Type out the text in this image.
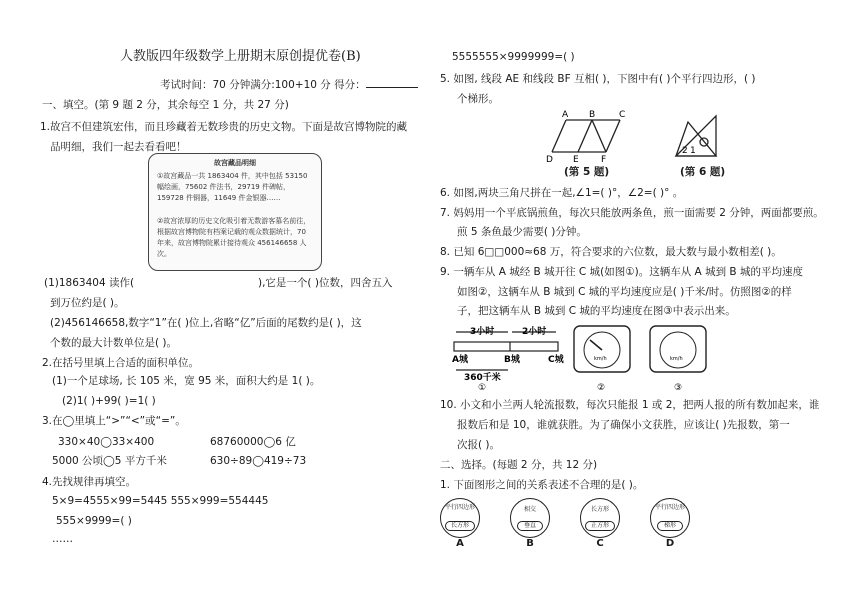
人教版四年级数学上册期末原创提优卷(B)
考试时间：70 分钟满分:100+10 分 得分：
一、填空。(第 9 题 2 分，其余每空 1 分，共 27 分)
1.故宫不但建筑宏伟，而且珍藏着无数珍贵的历史文物。下面是故宫博物院的藏
品明细，我们一起去看看吧！
故宫藏品明细
①故宫藏品一共 1863404 件，其中包括 53150 幅绘画，75602 件法书，29719 件碑帖，159728 件铜器，11649 件金银器……
②故宫浓厚的历史文化吸引着无数游客慕名前往，根据故宫博物院有档案记载的观众数据统计，70 年来，故宫博物院累计接待观众 456146658 人次。
(1)1863404 读作(	),它是一个( )位数，四舍五入
到万位约是( )。
(2)456146658,数字“1”在( )位上,省略“亿”后面的尾数约是( )，这
个数的最大计数单位是( )。
2.在括号里填上合适的面积单位。
(1)一个足球场, 长 105 米，宽 95 米，面积大约是 1( )。
(2)1( )+99( )=1( )
3.在◯里填上“>”“<”或“=”。
330×40◯33×400	68760000◯6 亿
5000 公顷◯5 平方千米	630÷89◯419÷73
4.先找规律再填空。
5×9=4555×99=5445 555×999=554445
555×9999=( )
……
5555555×9999999=( )
5. 如图, 线段 AE 和线段 BF 互相( )，下图中有( )个平行四边形，( )
个梯形。
A B	C
D E F
(第 5 题)
2 1
(第 6 题)
6. 如图,两块三角尺拼在一起,∠1=( )°，∠2=( )° 。
7. 妈妈用一个平底锅煎鱼，每次只能放两条鱼，煎一面需要 2 分钟，两面都要煎。
煎 5 条鱼最少需要( )分钟。
8. 已知 6□□000≈68 万，符合要求的六位数，最大数与最小数相差( )。
9. 一辆车从 A 城经 B 城开往 C 城(如图①)。这辆车从 A 城到 B 城的平均速度
如图②，这辆车从 B 城到 C 城的平均速度应是( )千米/时。仿照图②的样
子，把这辆车从 B 城到 C 城的平均速度在图③中表示出来。
3小时	2小时
A城	B城	C城
360千米
①
km/h
②
km/h
③
10. 小文和小兰两人轮流报数，每次只能报 1 或 2，把两人报的所有数加起来，谁
报数后和是 10，谁就获胜。为了确保小文获胜，应该让( )先报数，第一
次报( )。
二、选择。(每题 2 分，共 12 分)
1. 下面图形之间的关系表述不合理的是( )。
平行四边形
长方形
A
相交
垂直
B
长方形
正方形
C
平行四边形
梯形
D
